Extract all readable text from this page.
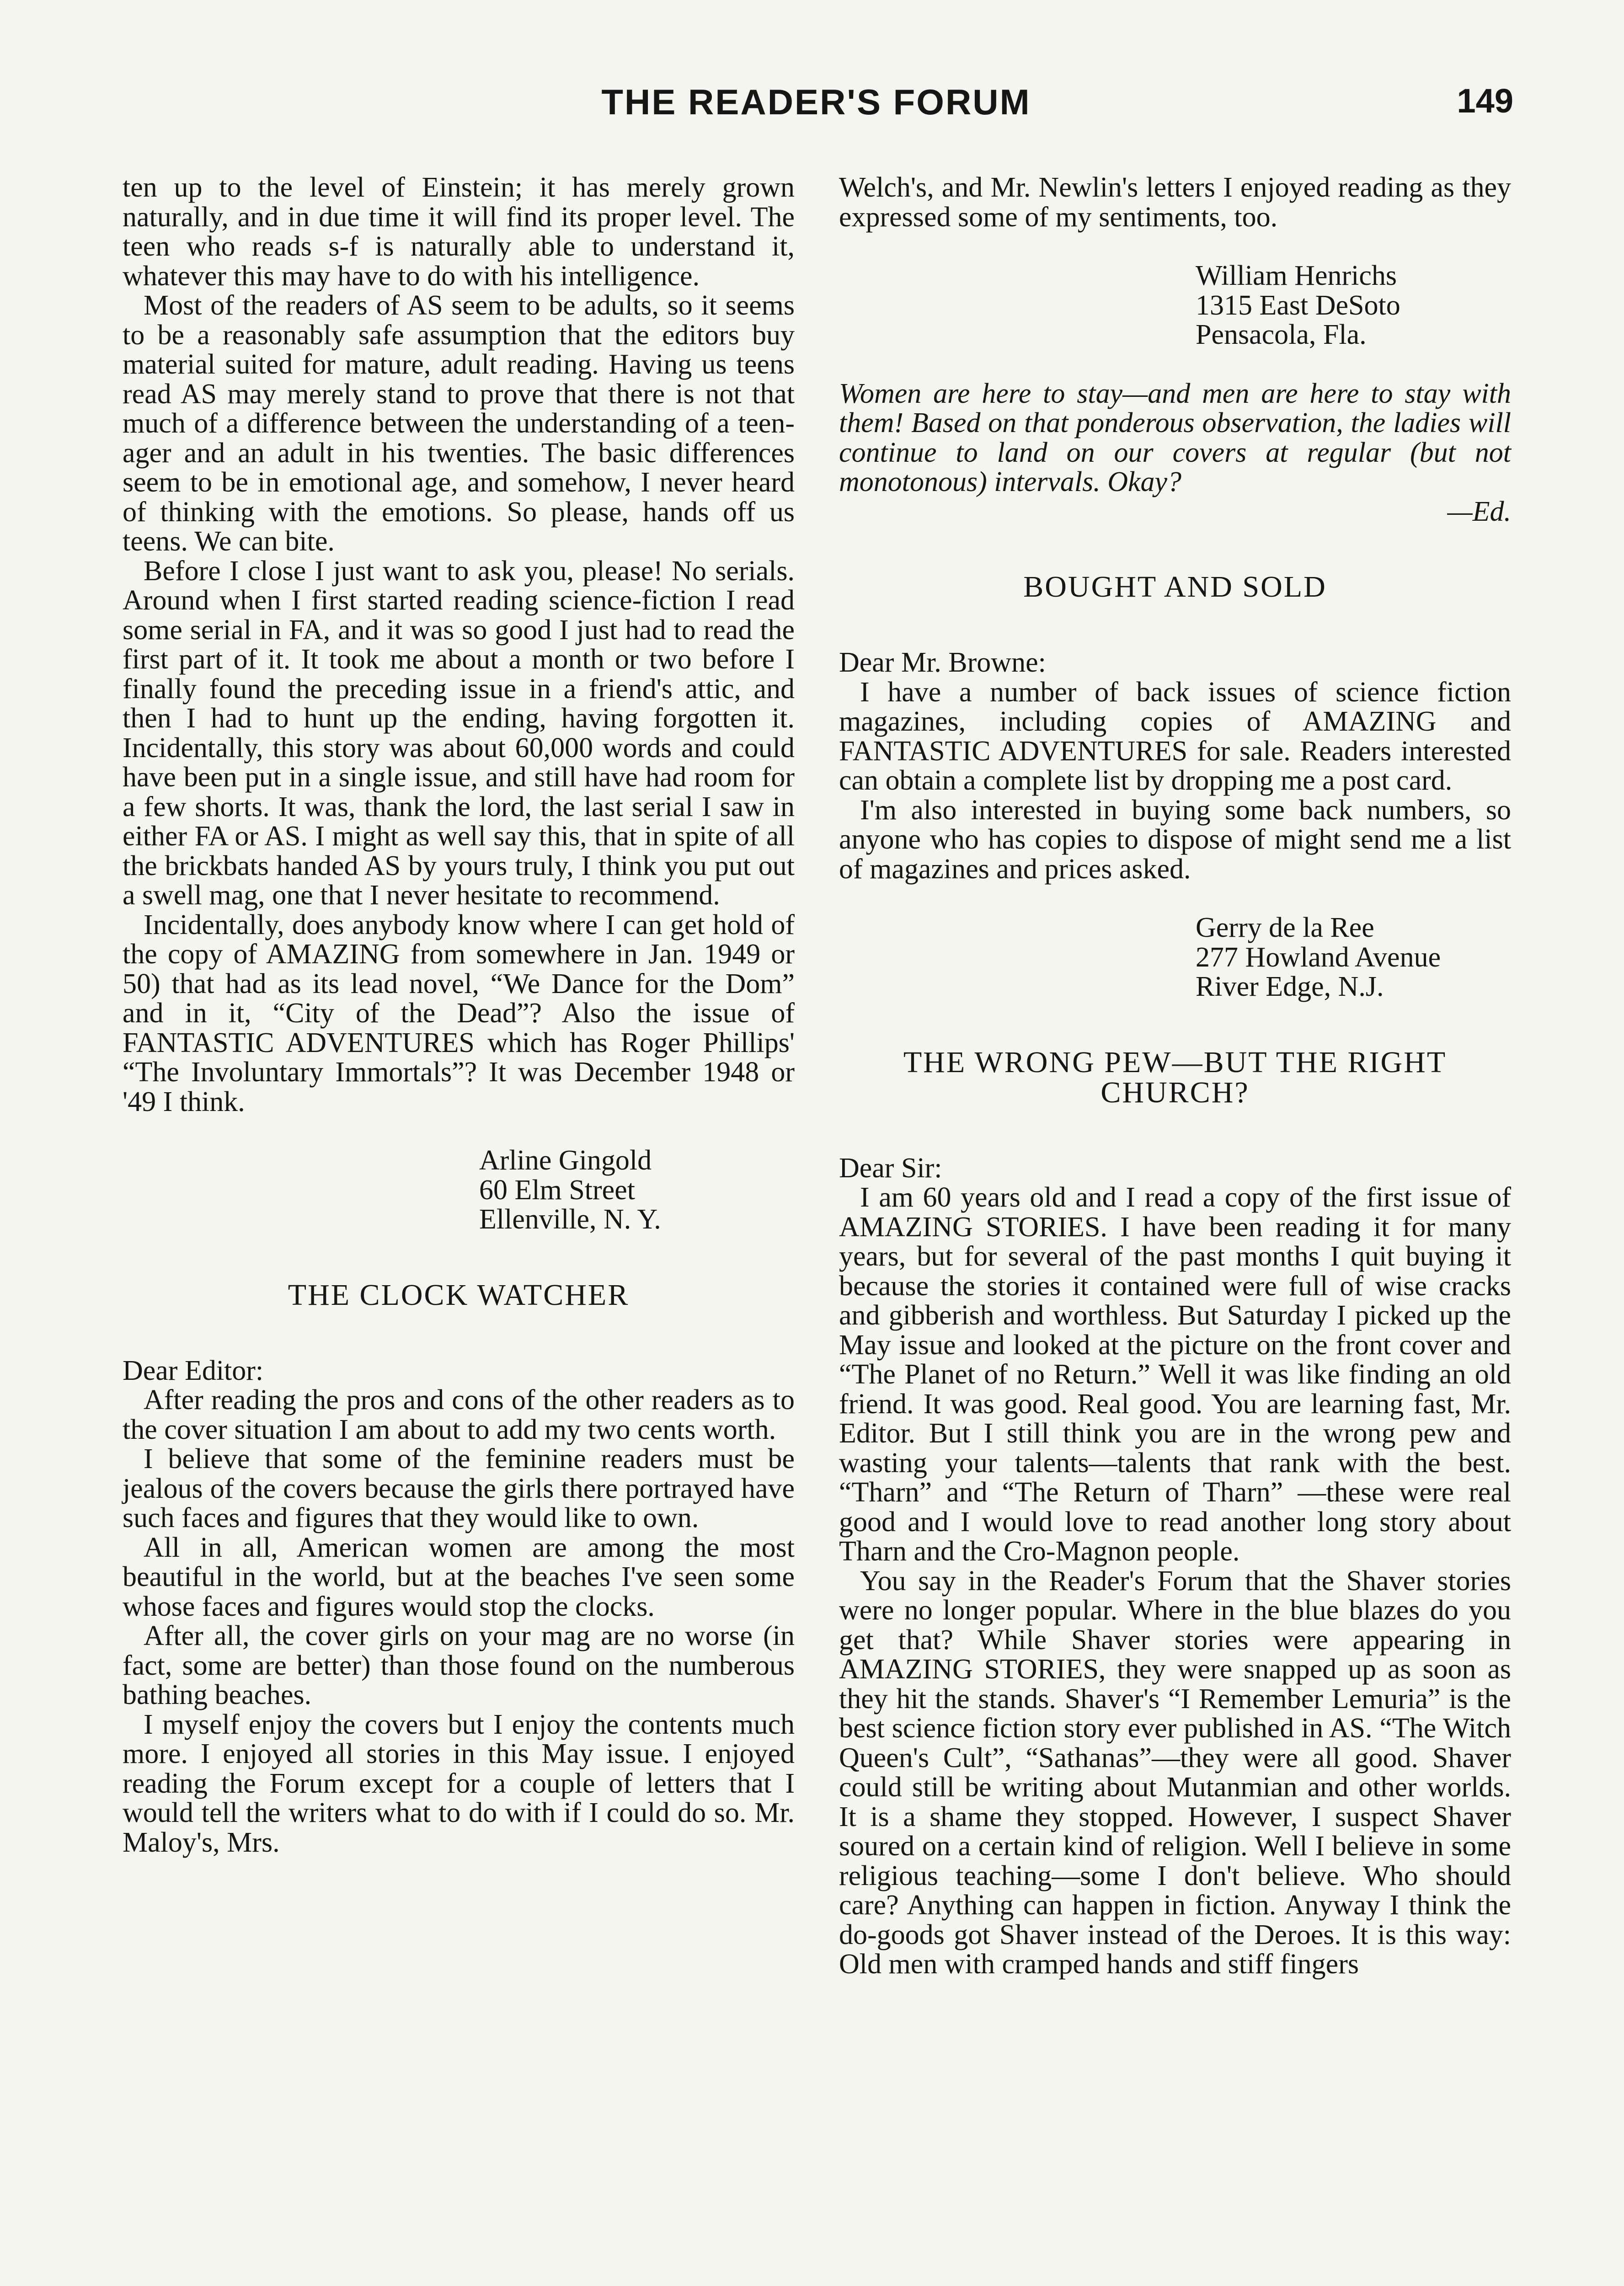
THE READER'S FORUM	149

ten up to the level of Einstein; it has merely grown naturally, and in due time it will find its proper level. The teen who reads s-f is naturally able to understand it, whatever this may have to do with his intelligence.

Most of the readers of AS seem to be adults, so it seems to be a reasonably safe assumption that the editors buy material suited for mature, adult reading. Having us teens read AS may merely stand to prove that there is not that much of a difference between the understanding of a teen-ager and an adult in his twenties. The basic differences seem to be in emotional age, and somehow, I never heard of thinking with the emotions. So please, hands off us teens. We can bite.

Before I close I just want to ask you, please! No serials. Around when I first started reading science-fiction I read some serial in FA, and it was so good I just had to read the first part of it. It took me about a month or two before I finally found the preceding issue in a friend's attic, and then I had to hunt up the ending, having forgotten it. Incidentally, this story was about 60,000 words and could have been put in a single issue, and still have had room for a few shorts. It was, thank the lord, the last serial I saw in either FA or AS. I might as well say this, that in spite of all the brickbats handed AS by yours truly, I think you put out a swell mag, one that I never hesitate to recommend.

Incidentally, does anybody know where I can get hold of the copy of AMAZING from somewhere in Jan. 1949 or 50) that had as its lead novel, “We Dance for the Dom” and in it, “City of the Dead”? Also the issue of FANTASTIC ADVENTURES which has Roger Phillips' “The Involuntary Immortals”? It was December 1948 or '49 I think.

Arline Gingold
60 Elm Street
Ellenville, N. Y.
THE CLOCK WATCHER
Dear Editor:

After reading the pros and cons of the other readers as to the cover situation I am about to add my two cents worth.

I believe that some of the feminine readers must be jealous of the covers because the girls there portrayed have such faces and figures that they would like to own.

All in all, American women are among the most beautiful in the world, but at the beaches I've seen some whose faces and figures would stop the clocks.

After all, the cover girls on your mag are no worse (in fact, some are better) than those found on the numberous bathing beaches.

I myself enjoy the covers but I enjoy the contents much more. I enjoyed all stories in this May issue. I enjoyed reading the Forum except for a couple of letters that I would tell the writers what to do with if I could do so. Mr. Maloy's, Mrs.

Welch's, and Mr. Newlin's letters I enjoyed reading as they expressed some of my sentiments, too.

William Henrichs
1315 East DeSoto
Pensacola, Fla.

Women are here to stay—and men are here to stay with them! Based on that ponderous observation, the ladies will continue to land on our covers at regular (but not monotonous) intervals. Okay?

—Ed.
BOUGHT AND SOLD
Dear Mr. Browne:

I have a number of back issues of science fiction magazines, including copies of AMAZING and FANTASTIC ADVENTURES for sale. Readers interested can obtain a complete list by dropping me a post card.

I'm also interested in buying some back numbers, so anyone who has copies to dispose of might send me a list of magazines and prices asked.

Gerry de la Ree
277 Howland Avenue
River Edge, N.J.
THE WRONG PEW—BUT THE RIGHT
CHURCH?
Dear Sir:

I am 60 years old and I read a copy of the first issue of AMAZING STORIES. I have been reading it for many years, but for several of the past months I quit buying it because the stories it contained were full of wise cracks and gibberish and worthless. But Saturday I picked up the May issue and looked at the picture on the front cover and “The Planet of no Return.” Well it was like finding an old friend. It was good. Real good. You are learning fast, Mr. Editor. But I still think you are in the wrong pew and wasting your talents—talents that rank with the best. “Tharn” and “The Return of Tharn” —these were real good and I would love to read another long story about Tharn and the Cro-Magnon people.

You say in the Reader's Forum that the Shaver stories were no longer popular. Where in the blue blazes do you get that? While Shaver stories were appearing in AMAZING STORIES, they were snapped up as soon as they hit the stands. Shaver's “I Remember Lemuria” is the best science fiction story ever published in AS. “The Witch Queen's Cult”, “Sathanas”—they were all good. Shaver could still be writing about Mutanmian and other worlds. It is a shame they stopped. However, I suspect Shaver soured on a certain kind of religion. Well I believe in some religious teaching—some I don't believe. Who should care? Anything can happen in fiction. Anyway I think the do-goods got Shaver instead of the Deroes. It is this way: Old men with cramped hands and stiff fingers
